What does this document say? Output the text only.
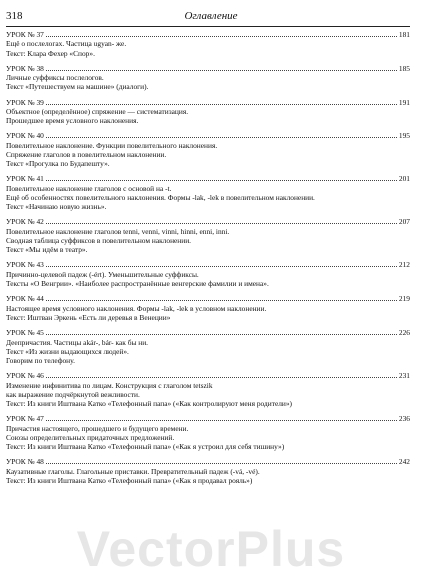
318	Оглавление
УРОК № 37	181
Ещё о послелогах. Частица ugyan- же.
Текст: Клара Фехер «Спор».
УРОК № 38	185
Личные суффиксы послелогов.
Текст «Путешествуем на машине» (диалоги).
УРОК № 39	191
Объектное (определённое) спряжение — систематизация.
Прошедшее время условного наклонения.
УРОК № 40	195
Повелительное наклонение. Функции повелительного наклонения.
Спряжение глаголов в повелительном наклонении.
Текст «Прогулка по Будапешту».
УРОК № 41	201
Повелительное наклонение глаголов с основой на -t.
Ещё об особенностях повелительного наклонения. Формы -lak, -lek в повелительном наклонении.
Текст «Начинаю новую жизнь».
УРОК № 42	207
Повелительное наклонение глаголов tenni, venni, vinni, hinni, enni, inni.
Сводная таблица суффиксов в повелительном наклонении.
Текст «Мы идём в театр».
УРОК № 43	212
Причинно-целевой падеж (-ért). Уменьшительные суффиксы.
Тексты «О Венгрии». «Наиболее распространённые венгерские фамилии и имена».
УРОК № 44	219
Настоящее время условного наклонения. Формы -lak, -lek в условном наклонении.
Текст: Иштван Эркень «Есть ли деревья в Венеции»
УРОК № 45	226
Деепричастия. Частицы akár-, bár- как бы ни.
Текст «Из жизни выдающихся людей».
Говорим по телефону.
УРОК № 46	231
Изменение инфинитива по лицам. Конструкция с глаголом tetszik
как выражение подчёркнутой вежливости.
Текст: Из книги Иштвана Катко «Телефонный папа» («Как контролируют меня родители»)
УРОК № 47	236
Причастия настоящего, прошедшего и будущего времени.
Союзы определительных придаточных предложений.
Текст: Из книги Иштвана Катко «Телефонный папа» («Как я устроил для себя тишину»)
УРОК № 48	242
Каузативные глаголы. Глагольные приставки. Превратительный падеж (-vá, -vé).
Текст: Из книги Иштвана Катко «Телефонный папа» («Как я продавал рояль»)
VectorPlus
